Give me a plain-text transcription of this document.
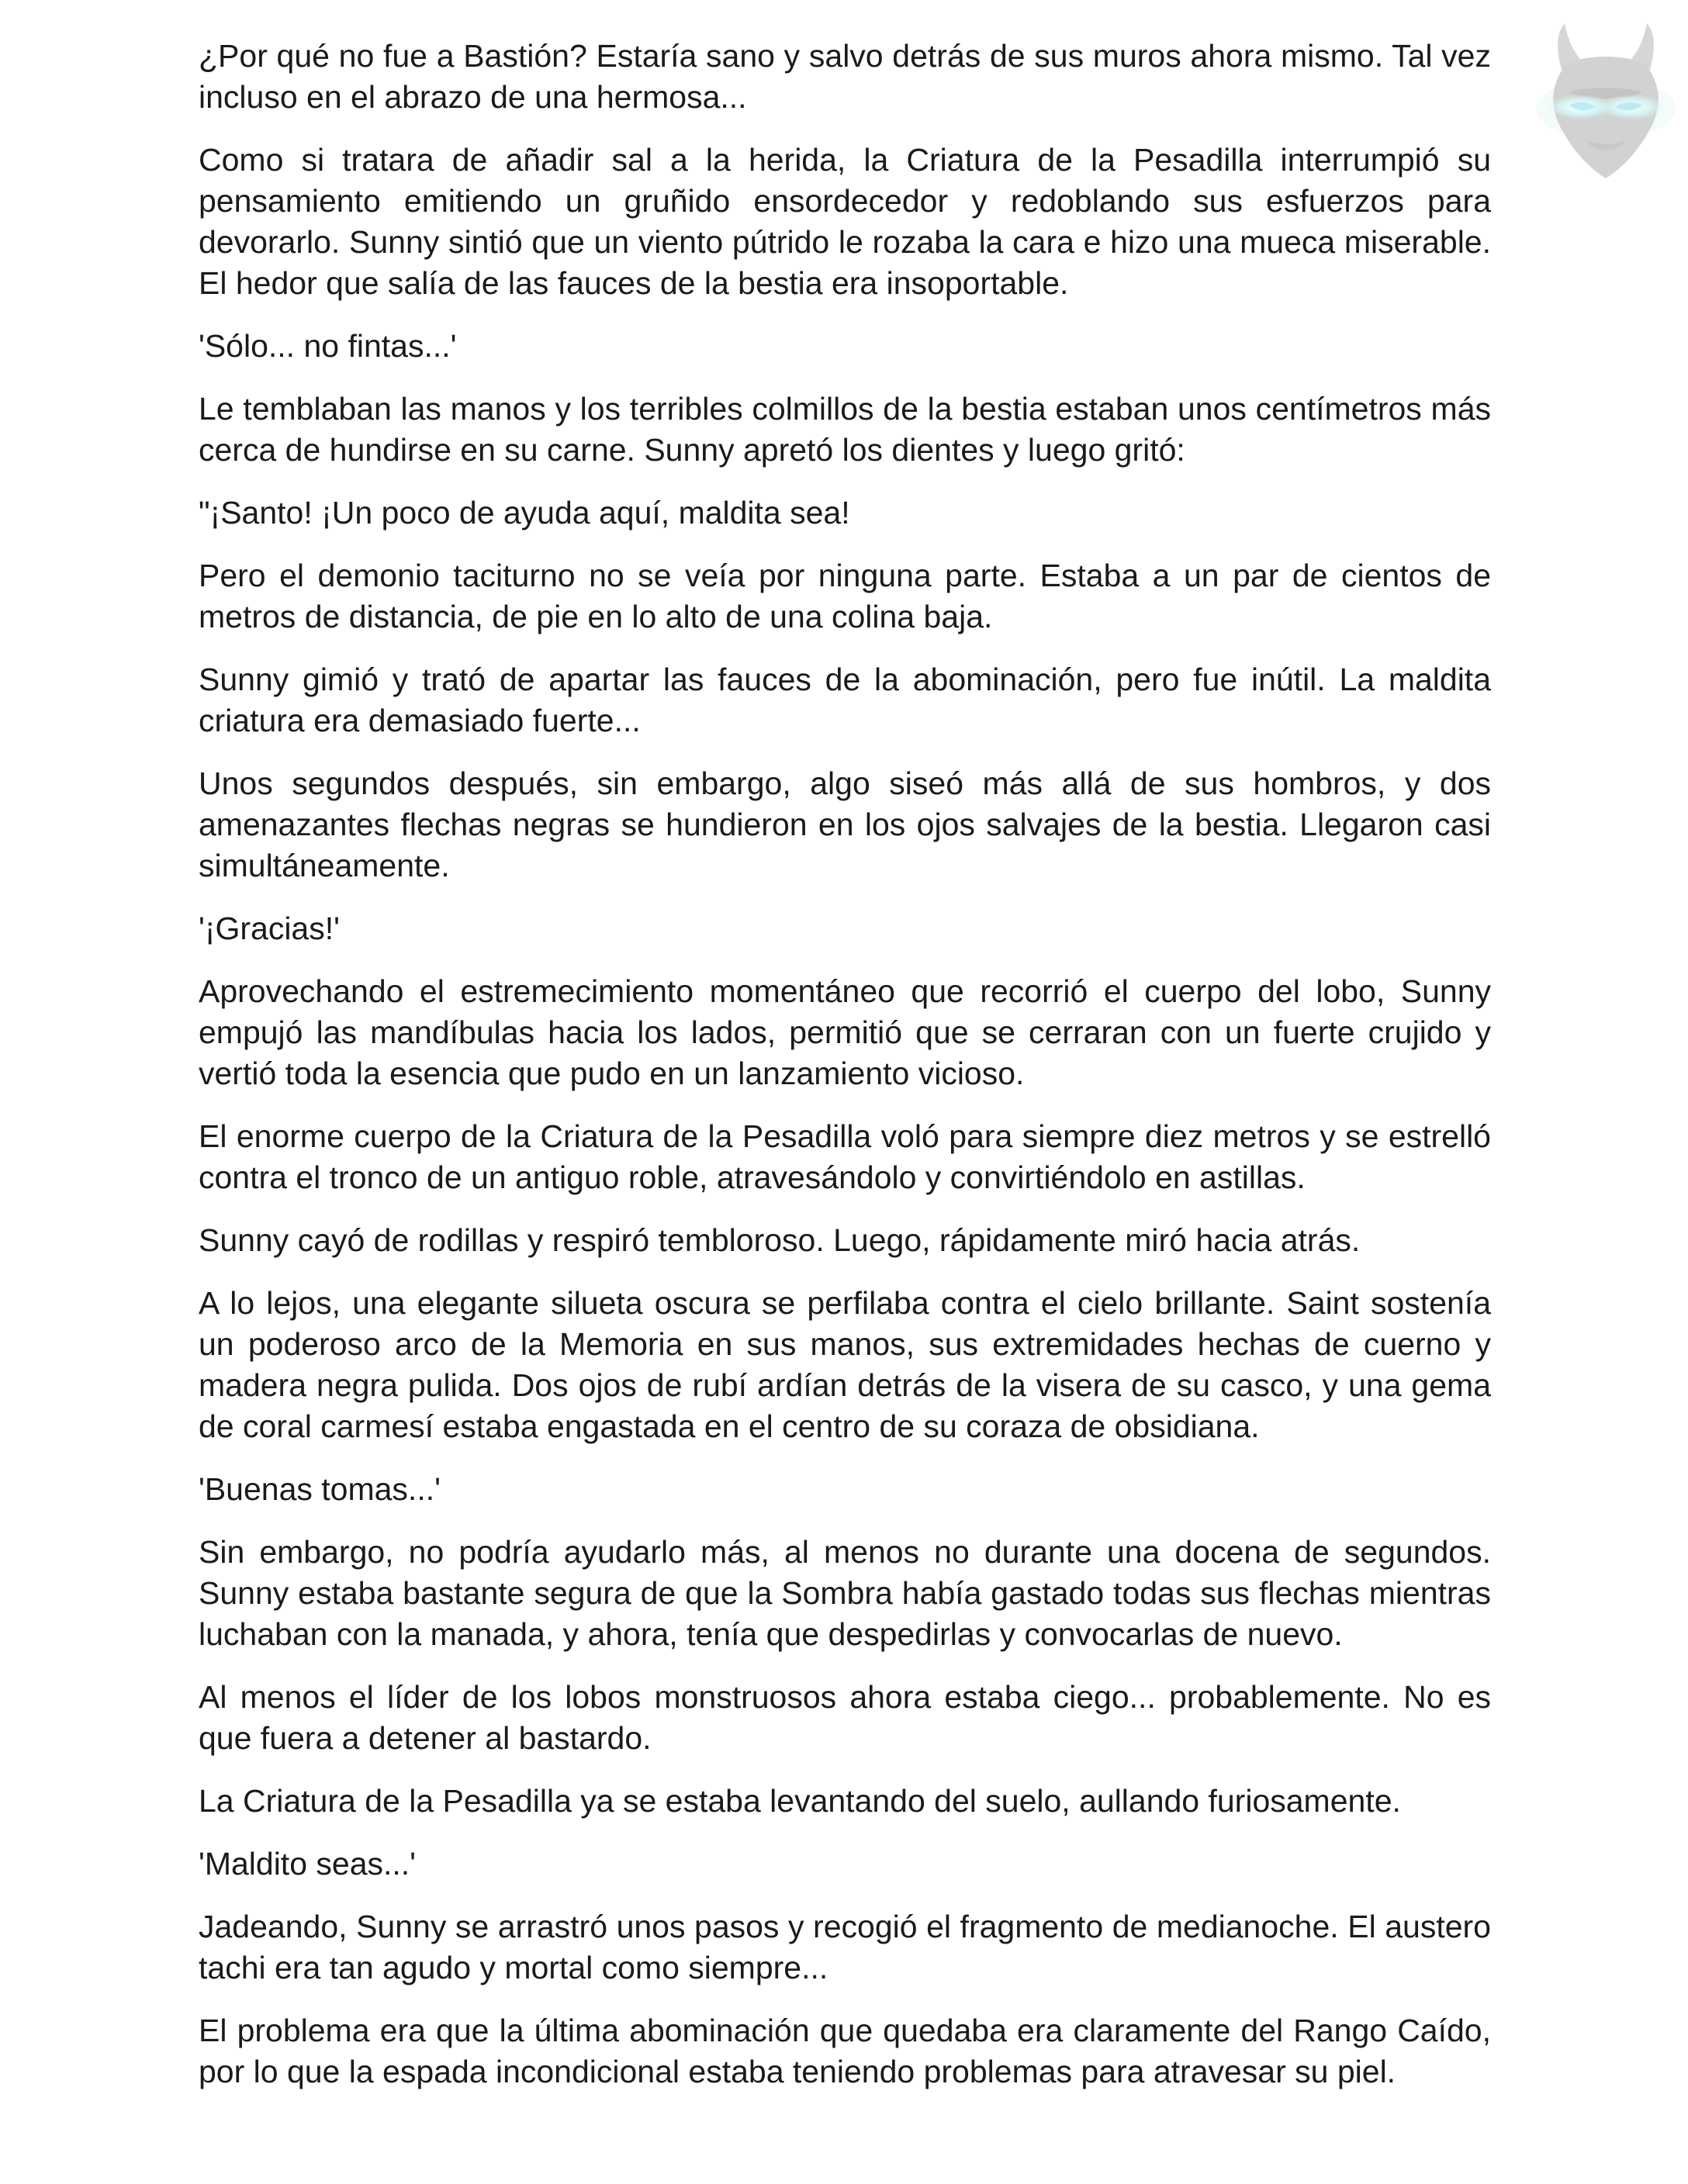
¿Por qué no fue a Bastión? Estaría sano y salvo detrás de sus muros ahora mismo. Tal vez incluso en el abrazo de una hermosa...

Como si tratara de añadir sal a la herida, la Criatura de la Pesadilla interrumpió su pensamiento emitiendo un gruñido ensordecedor y redoblando sus esfuerzos para devorarlo. Sunny sintió que un viento pútrido le rozaba la cara e hizo una mueca miserable. El hedor que salía de las fauces de la bestia era insoportable.

'Sólo... no fintas...'

Le temblaban las manos y los terribles colmillos de la bestia estaban unos centímetros más cerca de hundirse en su carne. Sunny apretó los dientes y luego gritó:

"¡Santo! ¡Un poco de ayuda aquí, maldita sea!

Pero el demonio taciturno no se veía por ninguna parte. Estaba a un par de cientos de metros de distancia, de pie en lo alto de una colina baja.

Sunny gimió y trató de apartar las fauces de la abominación, pero fue inútil. La maldita criatura era demasiado fuerte...

Unos segundos después, sin embargo, algo siseó más allá de sus hombros, y dos amenazantes flechas negras se hundieron en los ojos salvajes de la bestia. Llegaron casi simultáneamente.

'¡Gracias!'

Aprovechando el estremecimiento momentáneo que recorrió el cuerpo del lobo, Sunny empujó las mandíbulas hacia los lados, permitió que se cerraran con un fuerte crujido y vertió toda la esencia que pudo en un lanzamiento vicioso.

El enorme cuerpo de la Criatura de la Pesadilla voló para siempre diez metros y se estrelló contra el tronco de un antiguo roble, atravesándolo y convirtiéndolo en astillas.

Sunny cayó de rodillas y respiró tembloroso. Luego, rápidamente miró hacia atrás.

A lo lejos, una elegante silueta oscura se perfilaba contra el cielo brillante. Saint sostenía un poderoso arco de la Memoria en sus manos, sus extremidades hechas de cuerno y madera negra pulida. Dos ojos de rubí ardían detrás de la visera de su casco, y una gema de coral carmesí estaba engastada en el centro de su coraza de obsidiana.

'Buenas tomas...'

Sin embargo, no podría ayudarlo más, al menos no durante una docena de segundos. Sunny estaba bastante segura de que la Sombra había gastado todas sus flechas mientras luchaban con la manada, y ahora, tenía que despedirlas y convocarlas de nuevo.

Al menos el líder de los lobos monstruosos ahora estaba ciego... probablemente. No es que fuera a detener al bastardo.

La Criatura de la Pesadilla ya se estaba levantando del suelo, aullando furiosamente.

'Maldito seas...'

Jadeando, Sunny se arrastró unos pasos y recogió el fragmento de medianoche. El austero tachi era tan agudo y mortal como siempre...

El problema era que la última abominación que quedaba era claramente del Rango Caído, por lo que la espada incondicional estaba teniendo problemas para atravesar su piel.
